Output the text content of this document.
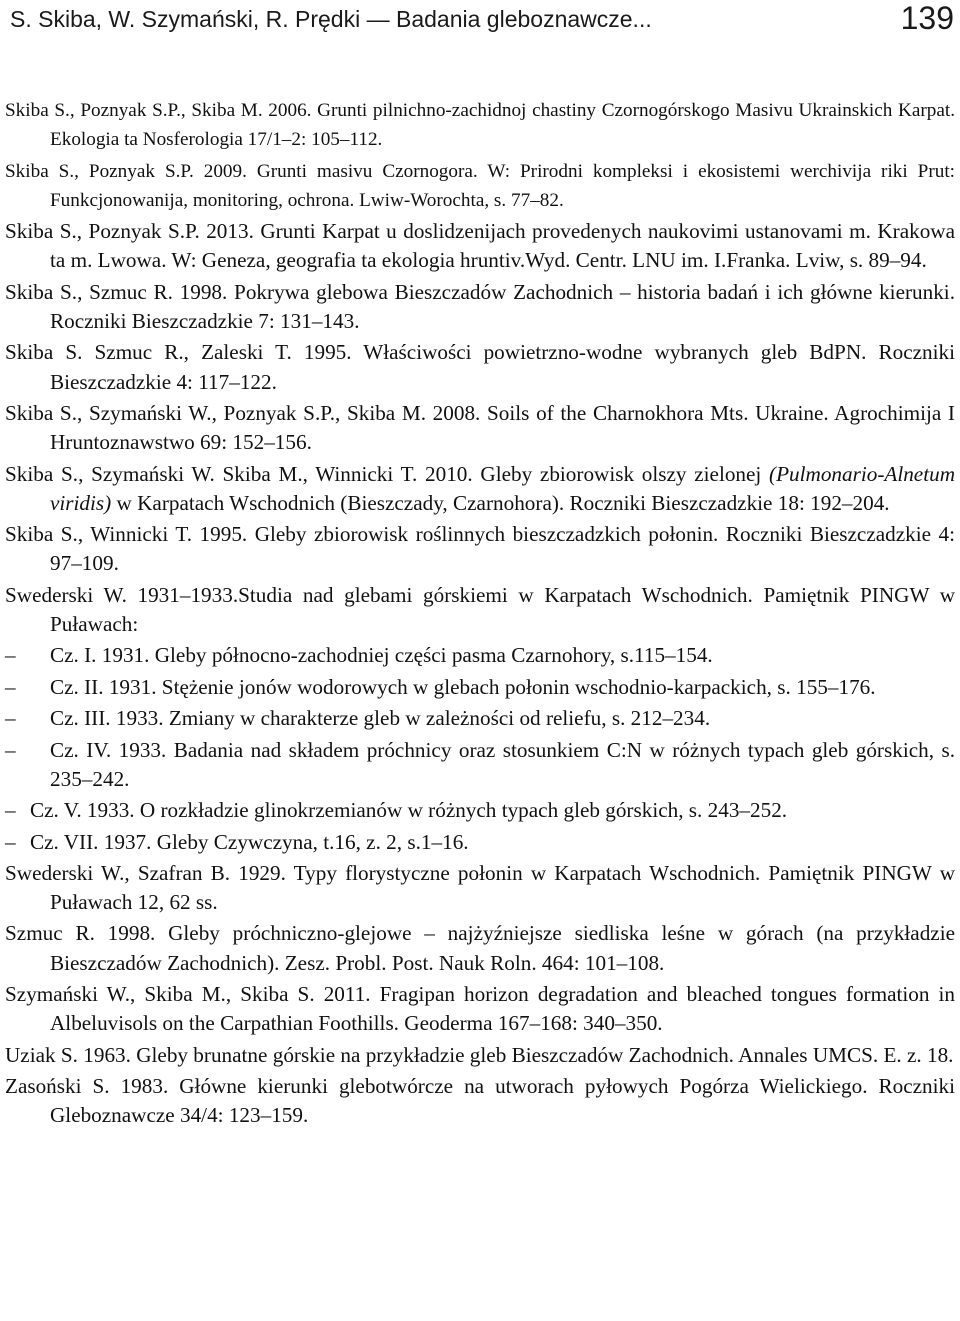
S. Skiba, W. Szymański, R. Prędki — Badania gleboznawcze...	139

Skiba S., Poznyak S.P., Skiba M. 2006. Grunti pilnichno-zachidnoj chastiny Czornogórskogo Masivu Ukrainskich Karpat. Ekologia ta Nosferologia 17/1–2: 105–112.

Skiba S., Poznyak S.P. 2009. Grunti masivu Czornogora. W: Prirodni kompleksi i ekosistemi werchivija riki Prut: Funkcjonowanija, monitoring, ochrona. Lwiw-Worochta, s. 77–82.

Skiba S., Poznyak S.P. 2013. Grunti Karpat u doslidzenijach provedenych naukovimi ustanovami m. Krakowa ta m. Lwowa. W: Geneza, geografia ta ekologia hruntiv.Wyd. Centr. LNU im. I.Franka. Lviw, s. 89–94.

Skiba S., Szmuc R. 1998. Pokrywa glebowa Bieszczadów Zachodnich – historia badań i ich główne kierunki. Roczniki Bieszczadzkie 7: 131–143.

Skiba S. Szmuc R., Zaleski T. 1995. Właściwości powietrzno-wodne wybranych gleb BdPN. Roczniki Bieszczadzkie 4: 117–122.

Skiba S., Szymański W., Poznyak S.P., Skiba M. 2008. Soils of the Charnokhora Mts. Ukraine. Agrochimija I Hruntoznawstwo 69: 152–156.

Skiba S., Szymański W. Skiba M., Winnicki T. 2010. Gleby zbiorowisk olszy zielonej (Pulmonario-Alnetum viridis) w Karpatach Wschodnich (Bieszczady, Czarnohora). Roczniki Bieszczadzkie 18: 192–204.

Skiba S., Winnicki T. 1995. Gleby zbiorowisk roślinnych bieszczadzkich połonin. Roczniki Bieszczadzkie 4: 97–109.

Swederski W. 1931–1933.Studia nad glebami górskiemi w Karpatach Wschodnich. Pamiętnik PINGW w Puławach:

– Cz. I. 1931. Gleby północno-zachodniej części pasma Czarnohory, s.115–154.

– Cz. II. 1931. Stężenie jonów wodorowych w glebach połonin wschodnio-karpackich, s. 155–176.

– Cz. III. 1933. Zmiany w charakterze gleb w zależności od reliefu, s. 212–234.

– Cz. IV. 1933. Badania nad składem próchnicy oraz stosunkiem C:N w różnych typach gleb górskich, s. 235–242.

– Cz. V. 1933. O rozkładzie glinokrzemianów w różnych typach gleb górskich, s. 243–252.

– Cz. VII. 1937. Gleby Czywczyna, t.16, z. 2, s.1–16.

Swederski W., Szafran B. 1929. Typy florystyczne połonin w Karpatach Wschodnich. Pamiętnik PINGW w Puławach 12, 62 ss.

Szmuc R. 1998. Gleby próchniczno-glejowe – najżyźniejsze siedliska leśne w górach (na przykładzie Bieszczadów Zachodnich). Zesz. Probl. Post. Nauk Roln. 464: 101–108.

Szymański W., Skiba M., Skiba S. 2011. Fragipan horizon degradation and bleached tongues formation in Albeluvisols on the Carpathian Foothills. Geoderma 167–168: 340–350.

Uziak S. 1963. Gleby brunatne górskie na przykładzie gleb Bieszczadów Zachodnich. Annales UMCS. E. z. 18.

Zasoński S. 1983. Główne kierunki glebotwórcze na utworach pyłowych Pogórza Wielickiego. Roczniki Gleboznawcze 34/4: 123–159.
